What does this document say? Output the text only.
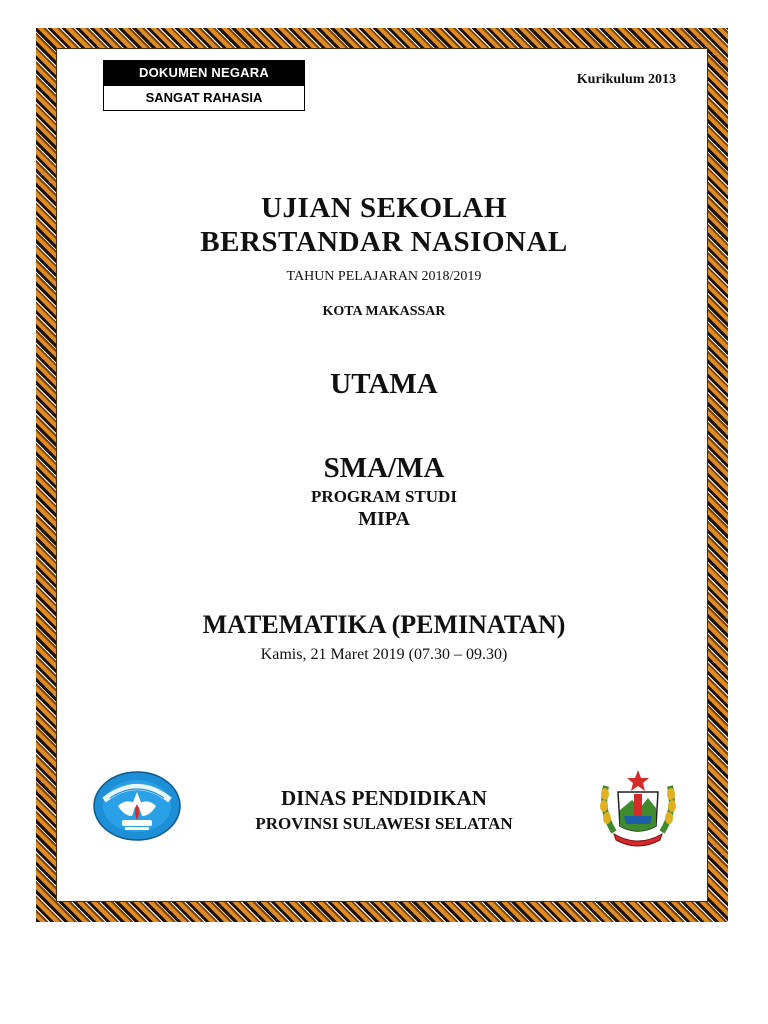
DOKUMEN NEGARA
SANGAT RAHASIA
Kurikulum 2013
UJIAN SEKOLAH
BERSTANDAR NASIONAL
TAHUN PELAJARAN 2018/2019
KOTA MAKASSAR
UTAMA
SMA/MA
PROGRAM STUDI
MIPA
MATEMATIKA (PEMINATAN)
Kamis, 21 Maret 2019 (07.30 – 09.30)
DINAS PENDIDIKAN
PROVINSI SULAWESI SELATAN
